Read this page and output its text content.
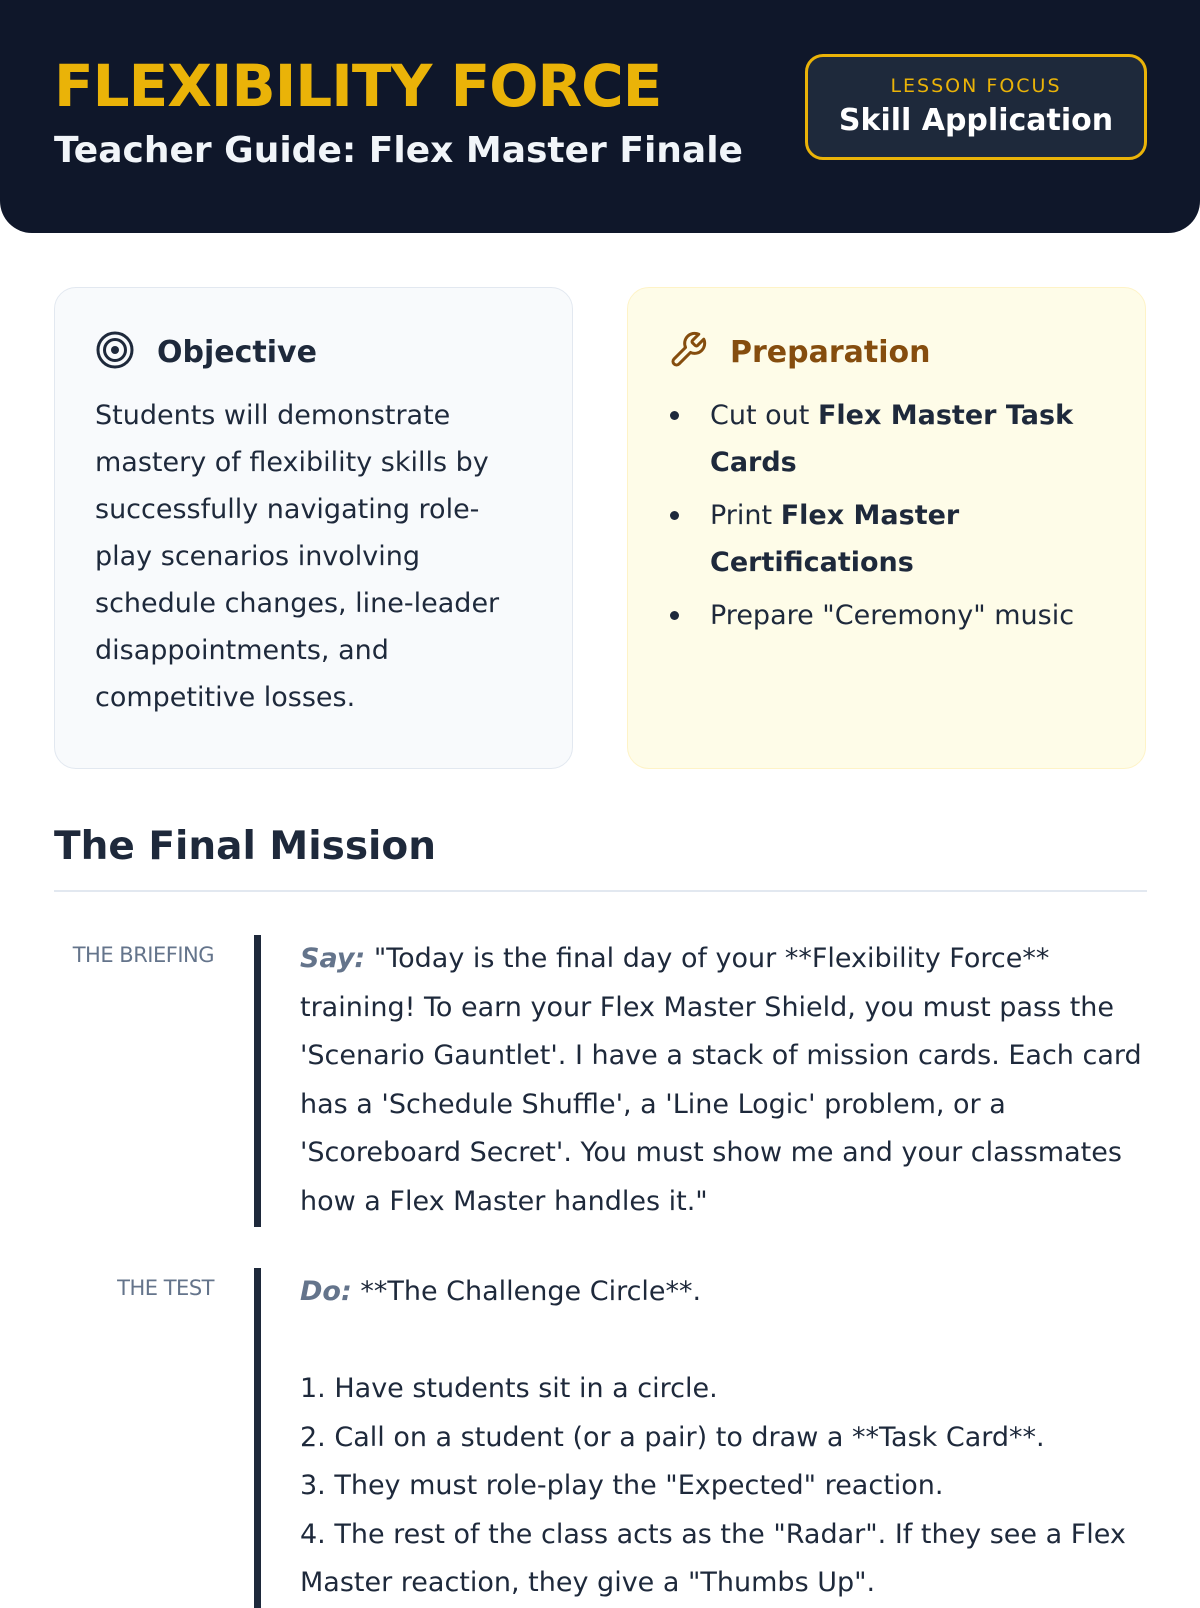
FLEXIBILITY FORCE
Teacher Guide: Flex Master Finale
LESSON FOCUS
Skill Application
Objective

Students will demonstrate mastery of flexibility skills by successfully navigating role-play scenarios involving schedule changes, line-leader disappointments, and competitive losses.

Preparation
Cut out Flex Master Task Cards
Print Flex Master Certifications
Prepare "Ceremony" music
The Final Mission
THE BRIEFING	Say: "Today is the final day of your **Flexibility Force** training! To earn your Flex Master Shield, you must pass the 'Scenario Gauntlet'. I have a stack of mission cards. Each card has a 'Schedule Shuffle', a 'Line Logic' problem, or a 'Scoreboard Secret'. You must show me and your classmates how a Flex Master handles it."
THE TEST	Do: **The Challenge Circle**.

1. Have students sit in a circle.
2. Call on a student (or a pair) to draw a **Task Card**.
3. They must role-play the "Expected" reaction.
4. The rest of the class acts as the "Radar". If they see a Flex Master reaction, they give a "Thumbs Up".
